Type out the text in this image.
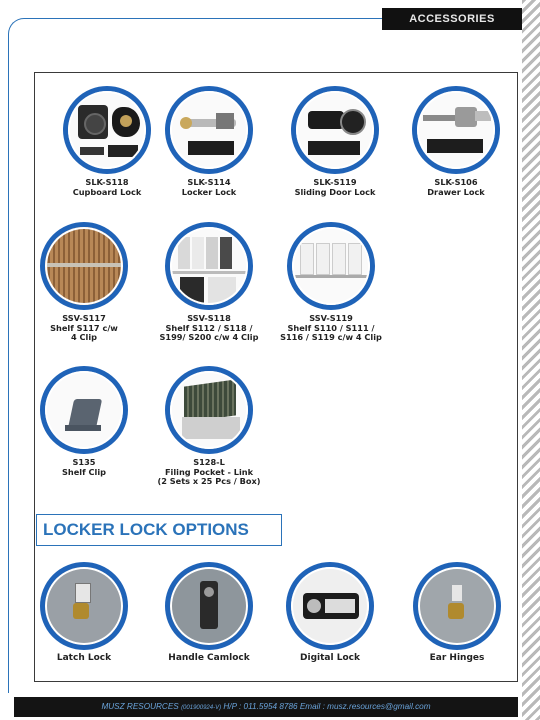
ACCESSORIES
SLK-S118
Cupboard Lock
SLK-S114
Locker Lock
SLK-S119
Sliding Door Lock
SLK-S106
Drawer Lock
SSV-S117
Shelf S117 c/w
4 Clip
SSV-S118
Shelf S112 / S118 /
S199/ S200 c/w 4 Clip
SSV-S119
Shelf S110 / S111 /
S116 / S119 c/w 4 Clip
S135
Shelf Clip
S128-L
Filing Pocket - Link
(2 Sets x 25 Pcs / Box)
LOCKER LOCK OPTIONS
Latch Lock	Handle Camlock	Digital Lock	Ear Hinges
MUSZ RESOURCES (001900924-V) H/P : 011.5954 8786 Email : musz.resources@gmail.com
